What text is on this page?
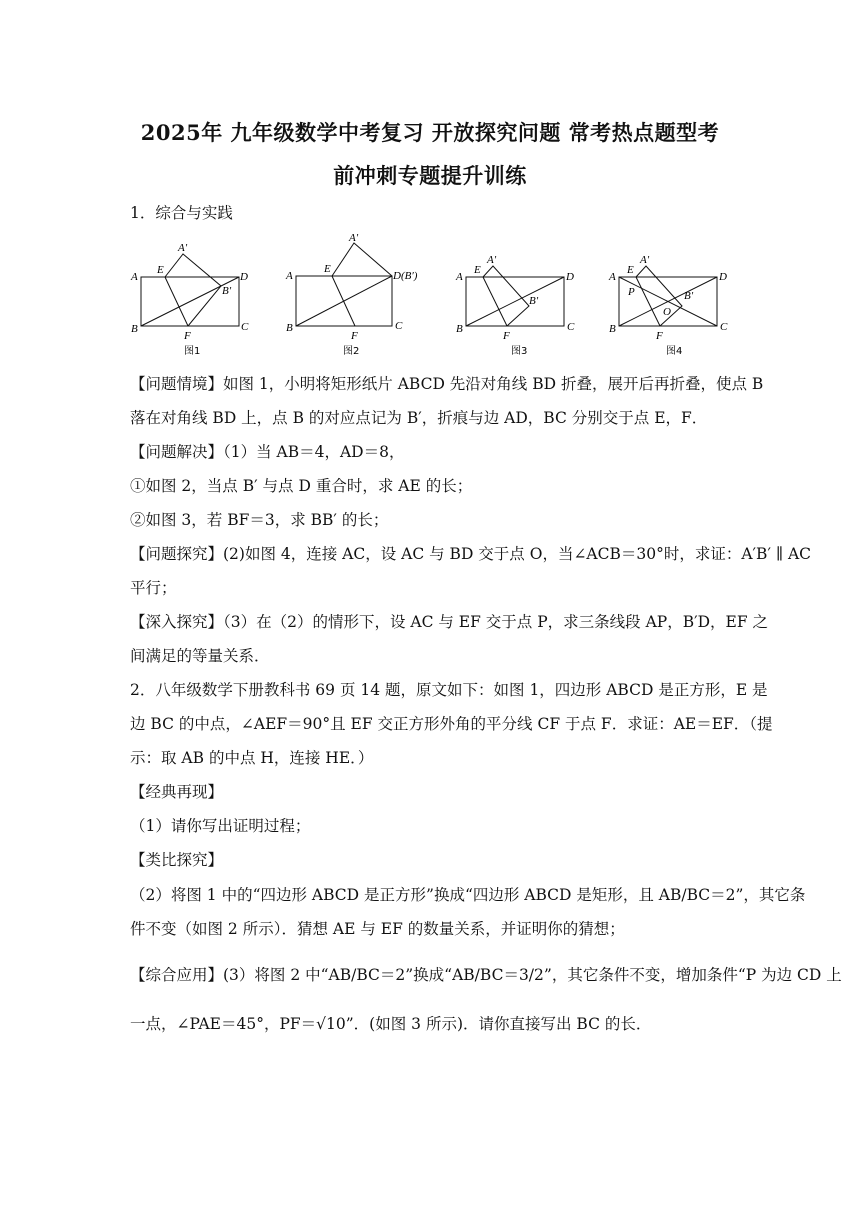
2025年 九年级数学中考复习 开放探究问题 常考热点题型考
前冲刺专题提升训练
1．综合与实践
A
E
A′
D
B′
B
F
C
图1
A
E
A′
D(B′)
B
F
C
图2
A
E
A′
D
B′
B
F
C
图3
A
E
A′
D
P	B′
O
B
F
C
图4
【问题情境】如图 1，小明将矩形纸片 ABCD 先沿对角线 BD 折叠，展开后再折叠，使点 B
落在对角线 BD 上，点 B 的对应点记为 B′，折痕与边 AD，BC 分别交于点 E，F．
【问题解决】（1）当 AB＝4，AD＝8，
①如图 2，当点 B′ 与点 D 重合时，求 AE 的长；
②如图 3，若 BF＝3，求 BB′ 的长；
【问题探究】(2)如图 4，连接 AC，设 AC 与 BD 交于点 O，当∠ACB＝30°时，求证：A′B′ ∥ AC
平行；
【深入探究】（3）在（2）的情形下，设 AC 与 EF 交于点 P，求三条线段 AP，B′D，EF 之
间满足的等量关系．
2．八年级数学下册教科书 69 页 14 题，原文如下：如图 1，四边形 ABCD 是正方形，E 是
边 BC 的中点，∠AEF＝90°且 EF 交正方形外角的平分线 CF 于点 F．求证：AE＝EF．（提
示：取 AB 的中点 H，连接 HE．）
【经典再现】
（1）请你写出证明过程；
【类比探究】
（2）将图 1 中的“四边形 ABCD 是正方形”换成“四边形 ABCD 是矩形，且 AB/BC＝2”，其它条
件不变（如图 2 所示）．猜想 AE 与 EF 的数量关系，并证明你的猜想；
【综合应用】(3）将图 2 中“AB/BC＝2”换成“AB/BC＝3/2”，其它条件不变，增加条件“P 为边 CD 上
一点，∠PAE＝45°，PF＝√10”．(如图 3 所示)．请你直接写出 BC 的长．
